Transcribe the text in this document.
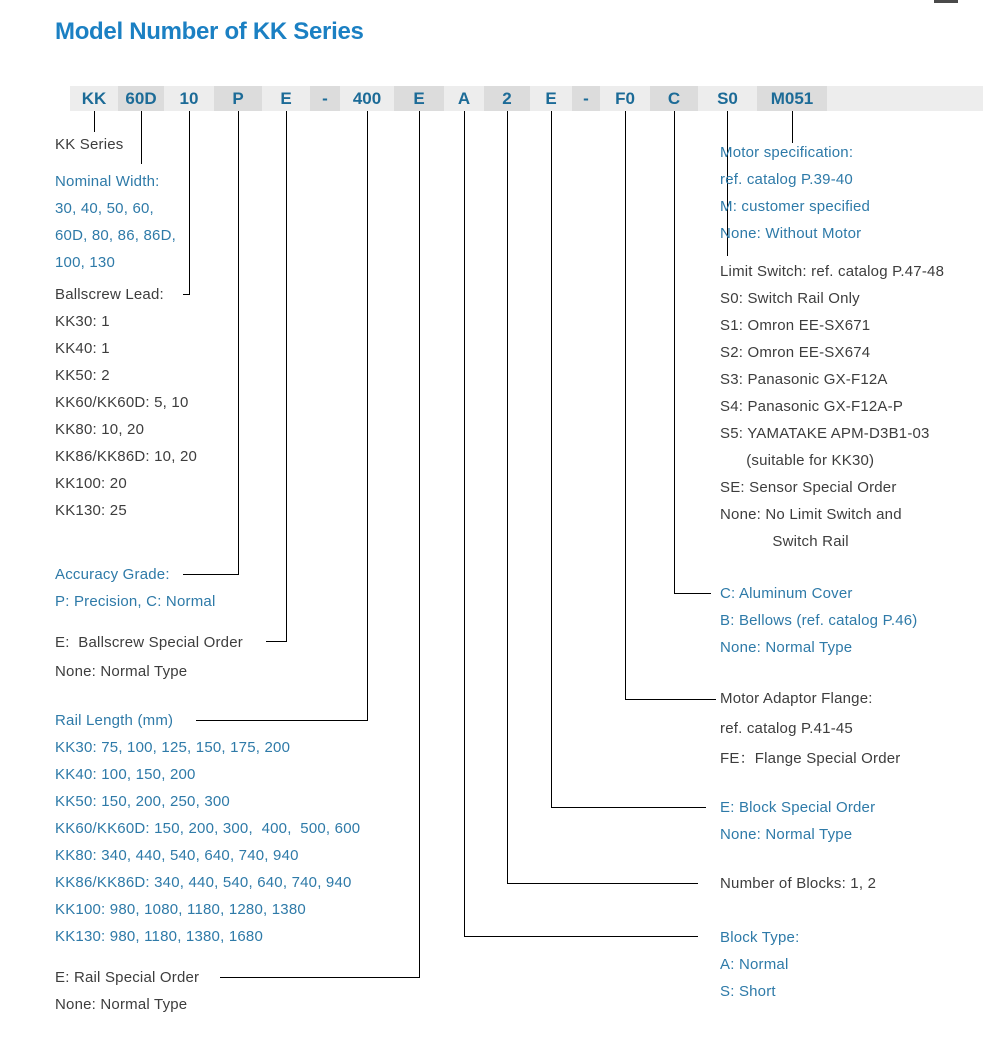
Model Number of KK Series
KK	60D	10	P	E	-	400	E	A	2	E	-	F0	C	S0	M051
KK Series
Nominal Width:
30, 40, 50, 60,
60D, 80, 86, 86D,
100, 130
Ballscrew Lead:
KK30: 1
KK40: 1
KK50: 2
KK60/KK60D: 5, 10
KK80: 10, 20
KK86/KK86D: 10, 20
KK100: 20
KK130: 25
Accuracy Grade:
P: Precision, C: Normal
E:  Ballscrew Special Order
None: Normal Type
Rail Length (mm)
KK30: 75, 100, 125, 150, 175, 200
KK40: 100, 150, 200
KK50: 150, 200, 250, 300
KK60/KK60D: 150, 200, 300,  400,  500, 600
KK80: 340, 440, 540, 640, 740, 940
KK86/KK86D: 340, 440, 540, 640, 740, 940
KK100: 980, 1080, 1180, 1280, 1380
KK130: 980, 1180, 1380, 1680
E: Rail Special Order
None: Normal Type
Motor specification:
ref. catalog P.39-40
M: customer specified
None: Without Motor
Limit Switch: ref. catalog P.47-48
S0: Switch Rail Only
S1: Omron EE-SX671
S2: Omron EE-SX674
S3: Panasonic GX-F12A
S4: Panasonic GX-F12A-P
S5: YAMATAKE APM-D3B1-03
(suitable for KK30)
SE: Sensor Special Order
None: No Limit Switch and
Switch Rail
C: Aluminum Cover
B: Bellows (ref. catalog P.46)
None: Normal Type
Motor Adaptor Flange:
ref. catalog P.41-45
FE：Flange Special Order
E: Block Special Order
None: Normal Type
Number of Blocks: 1, 2
Block Type:
A: Normal
S: Short
